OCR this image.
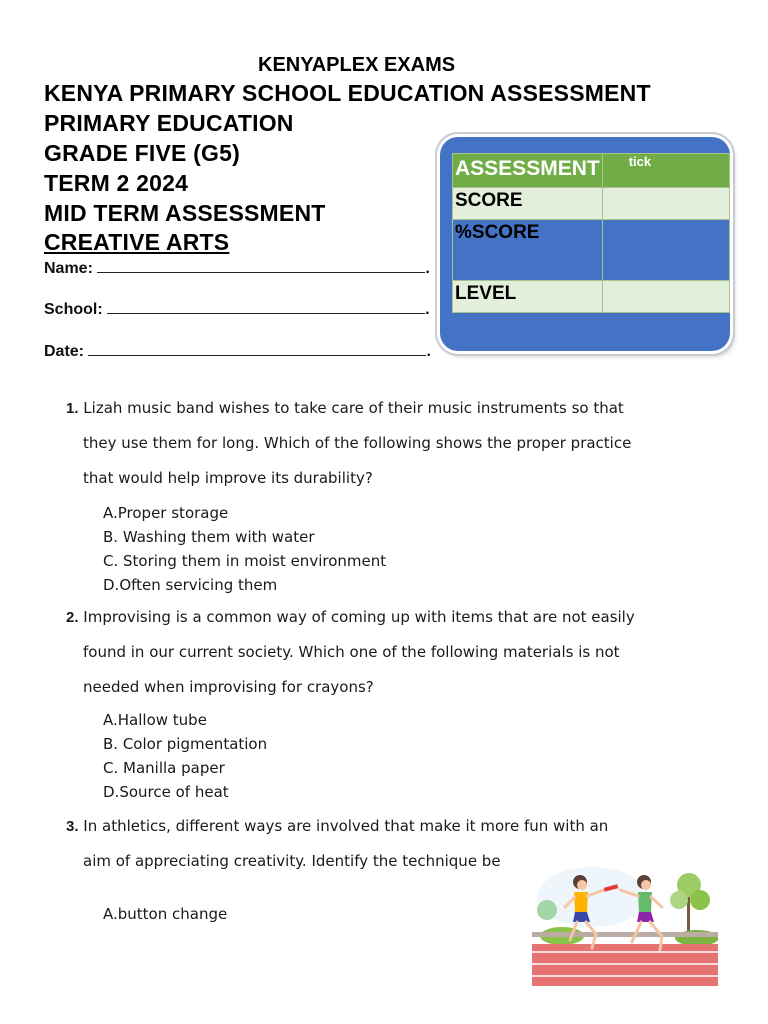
KENYAPLEX EXAMS
KENYA PRIMARY SCHOOL EDUCATION ASSESSMENT
PRIMARY EDUCATION
GRADE FIVE (G5)
TERM 2 2024
MID TERM ASSESSMENT
CREATIVE ARTS
Name:	.
School:	.
Date:	.
ASSESSMENT	tick
SCORE	
%SCORE	
LEVEL	

1. Lizah music band wishes to take care of their music instruments so that

they use them for long. Which of the following shows the proper practice

that would help improve its durability?

A.Proper storage
B. Washing them with water
C. Storing them in moist environment
D.Often servicing them

2. Improvising is a common way of coming up with items that are not easily

found in our current society. Which one of the following materials is not

needed when improvising for crayons?

A.Hallow tube
B. Color pigmentation
C. Manilla paper
D.Source of heat

3. In athletics, different ways are involved that make it more fun with an

aim of appreciating creativity. Identify the technique be

A.button change
